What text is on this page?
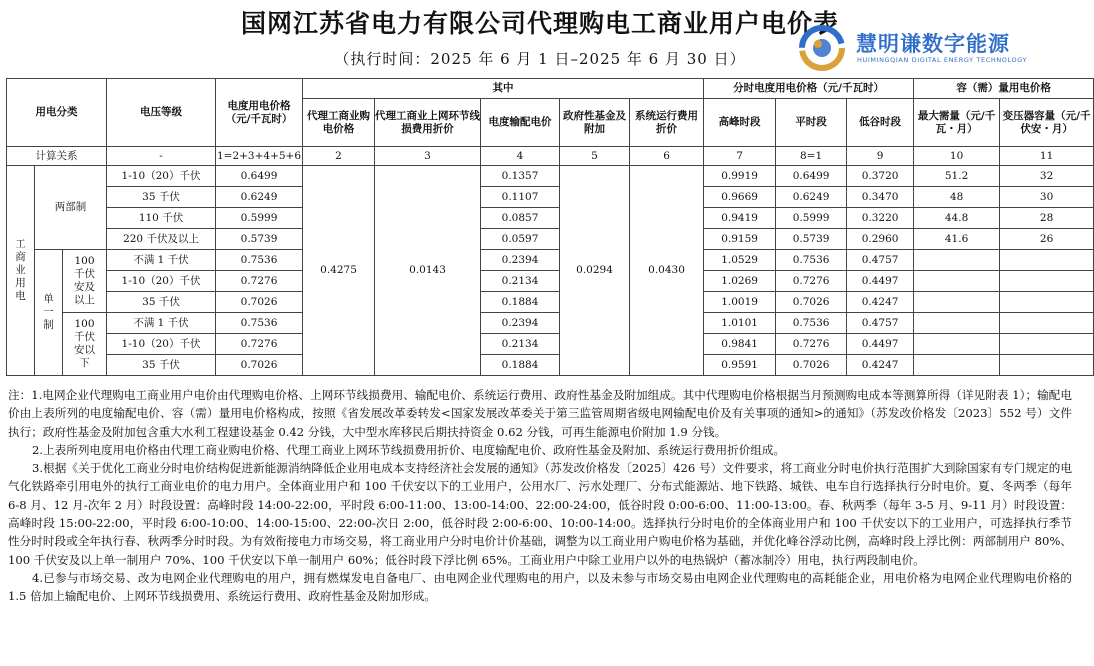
国网江苏省电力有限公司代理购电工商业用户电价表
（执行时间：2025 年 6 月 1 日–2025 年 6 月 30 日）
慧明谦数字能源
HUIMINGQIAN DIGITAL ENERGY TECHNOLOGY
用电分类			电压等级	电度用电价格（元/千瓦时）	其中					分时电度用电价格（元/千瓦时）			容（需）量用电价格	
					代理工商业购电价格	代理工商业上网环节线损费用折价	电度输配电价	政府性基金及附加	系统运行费用折价	高峰时段	平时段	低谷时段	最大需量（元/千瓦・月）	变压器容量（元/千伏安・月）
计算关系			-	1=2+3+4+5+6	2	3	4	5	6	7	8=1	9	10	11
工商业用电	两部制		1-10（20）千伏	0.6499	0.4275	0.0143	0.1357	0.0294	0.0430	0.9919	0.6499	0.3720	51.2	32
			35 千伏	0.6249			0.1107			0.9669	0.6249	0.3470	48	30
			110 千伏	0.5999			0.0857			0.9419	0.5999	0.3220	44.8	28
			220 千伏及以上	0.5739			0.0597			0.9159	0.5739	0.2960	41.6	26
	单一制	100千伏安及以上	不满 1 千伏	0.7536			0.2394			1.0529	0.7536	0.4757		
			1-10（20）千伏	0.7276			0.2134			1.0269	0.7276	0.4497		
			35 千伏	0.7026			0.1884			1.0019	0.7026	0.4247		
		100千伏安以下	不满 1 千伏	0.7536			0.2394			1.0101	0.7536	0.4757		
			1-10（20）千伏	0.7276			0.2134			0.9841	0.7276	0.4497		
			35 千伏	0.7026			0.1884			0.9591	0.7026	0.4247		

注：1.电网企业代理购电工商业用户电价由代理购电价格、上网环节线损费用、输配电价、系统运行费用、政府性基金及附加组成。其中代理购电价格根据当月预测购电成本等测算所得（详见附表 1）；输配电价由上表所列的电度输配电价、容（需）量用电价格构成，按照《省发展改革委转发<国家发展改革委关于第三监管周期省级电网输配电价及有关事项的通知>的通知》（苏发改价格发〔2023〕552 号）文件执行；政府性基金及附加包含重大水利工程建设基金 0.42 分钱，大中型水库移民后期扶持资金 0.62 分钱，可再生能源电价附加 1.9 分钱。

2.上表所列电度用电价格由代理工商业购电价格、代理工商业上网环节线损费用折价、电度输配电价、政府性基金及附加、系统运行费用折价组成。

3.根据《关于优化工商业分时电价结构促进新能源消纳降低企业用电成本支持经济社会发展的通知》（苏发改价格发〔2025〕426 号）文件要求，将工商业分时电价执行范围扩大到除国家有专门规定的电气化铁路牵引用电外的执行工商业电价的电力用户。全体商业用户和 100 千伏安以下的工业用户，公用水厂、污水处理厂、分布式能源站、地下铁路、城铁、电车自行选择执行分时电价。夏、冬两季（每年 6-8 月、12 月-次年 2 月）时段设置：高峰时段 14:00-22:00，平时段 6:00-11:00、13:00-14:00、22:00-24:00，低谷时段 0:00-6:00、11:00-13:00。春、秋两季（每年 3-5 月、9-11 月）时段设置：高峰时段 15:00-22:00，平时段 6:00-10:00、14:00-15:00、22:00-次日 2:00，低谷时段 2:00-6:00、10:00-14:00。选择执行分时电价的全体商业用户和 100 千伏安以下的工业用户，可选择执行季节性分时时段或全年执行春、秋两季分时时段。为有效衔接电力市场交易，将工商业用户分时电价计价基础，调整为以工商业用户购电价格为基础，并优化峰谷浮动比例，高峰时段上浮比例：两部制用户 80%、100 千伏安及以上单一制用户 70%、100 千伏安以下单一制用户 60%；低谷时段下浮比例 65%。工商业用户中除工业用户以外的电热锅炉（蓄冰制冷）用电，执行两段制电价。

4.已参与市场交易、改为电网企业代理购电的用户，拥有燃煤发电自备电厂、由电网企业代理购电的用户，以及未参与市场交易由电网企业代理购电的高耗能企业，用电价格为电网企业代理购电价格的 1.5 倍加上输配电价、上网环节线损费用、系统运行费用、政府性基金及附加形成。
